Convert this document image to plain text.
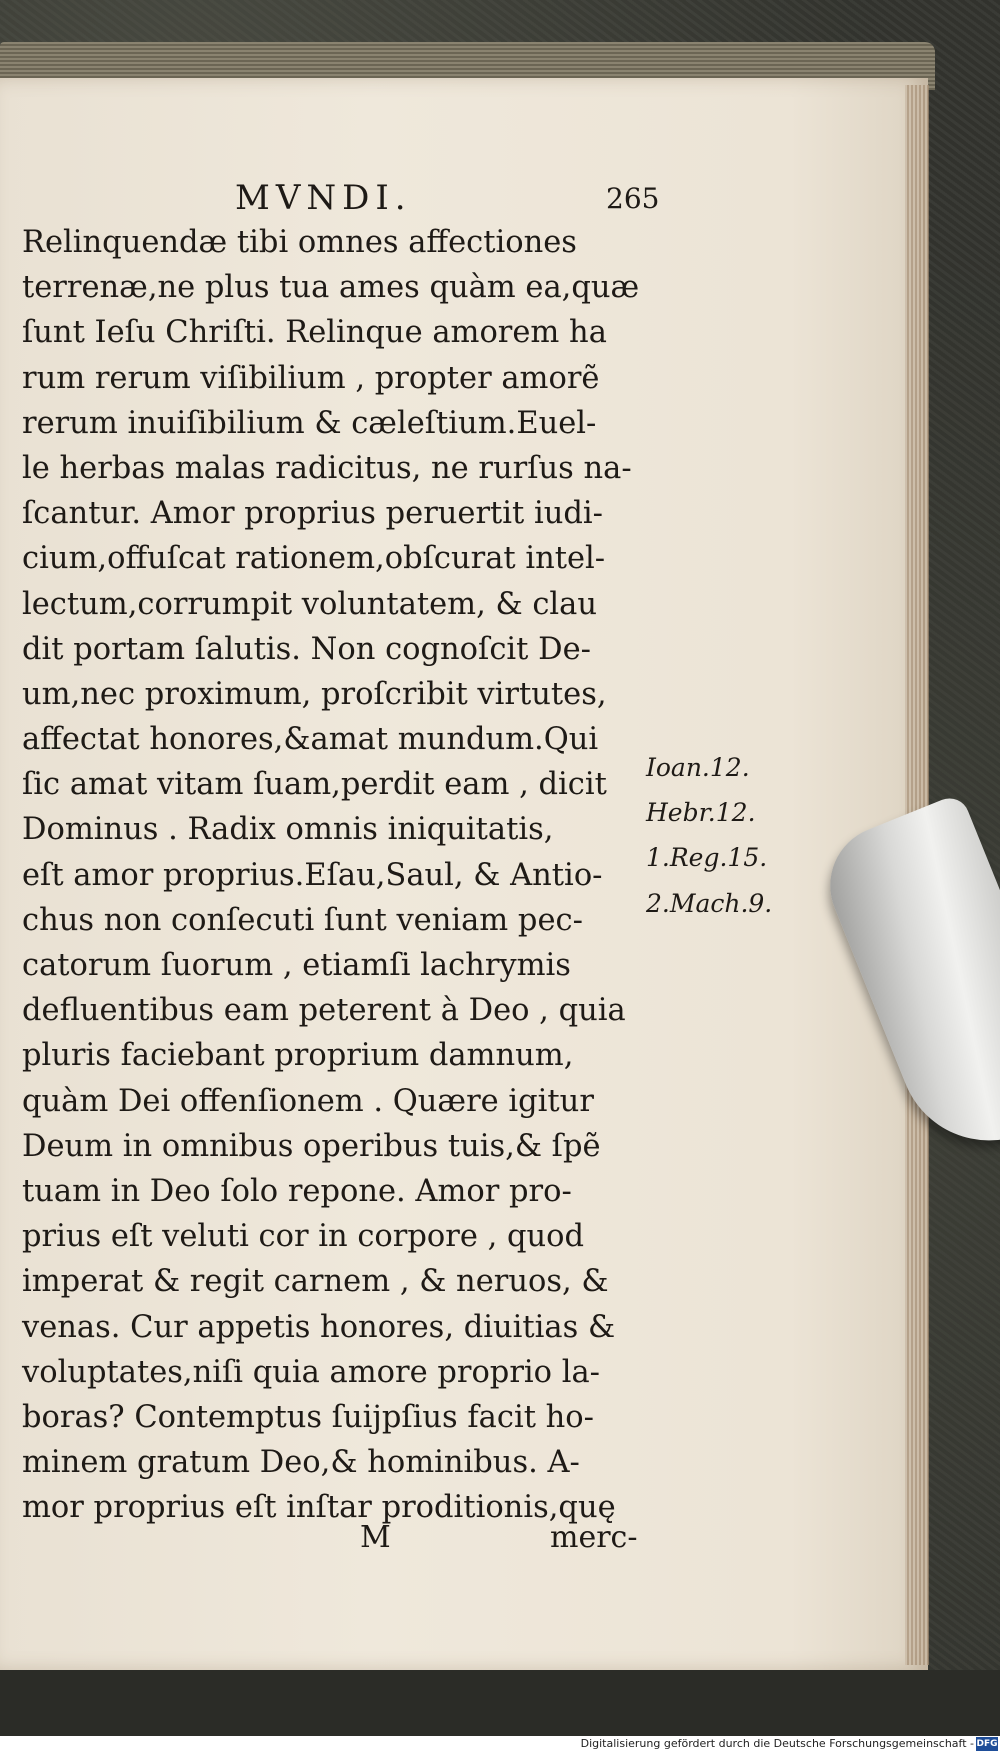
MVNDI.	265
Relinquendæ tibi omnes affectiones
terrenæ,ne plus tua ames quàm ea,quæ
ſunt Ieſu Chriſti. Relinque amorem ha
rum rerum viſibilium , propter amorẽ
rerum inuiſibilium & cæleſtium.Euel-
le herbas malas radicitus, ne rurſus na-
ſcantur. Amor proprius peruertit iudi-
cium,offuſcat rationem,obſcurat intel-
lectum,corrumpit voluntatem, & clau
dit portam ſalutis. Non cognoſcit De-
um,nec proximum, proſcribit virtutes,
affectat honores,&amat mundum.Qui
ſic amat vitam ſuam,perdit eam , dicit
Dominus . Radix omnis iniquitatis,
eſt amor proprius.Eſau,Saul, & Antio-
chus non conſecuti ſunt veniam pec-
catorum ſuorum , etiamſi lachrymis
defluentibus eam peterent à Deo , quia
pluris faciebant proprium damnum,
quàm Dei offenſionem . Quære igitur
Deum in omnibus operibus tuis,& ſpẽ
tuam in Deo ſolo repone. Amor pro-
prius eſt veluti cor in corpore , quod
imperat & regit carnem , & neruos, &
venas. Cur appetis honores, diuitias &
voluptates,niſi quia amore proprio la-
boras? Contemptus ſuijpſius facit ho-
minem gratum Deo,& hominibus. A-
mor proprius eſt inſtar proditionis,quę
Ioan.12.
Hebr.12.
1.Reg.15.
2.Mach.9.
M	merc-
Digitalisierung gefördert durch die Deutsche Forschungsgemeinschaft - DFG
